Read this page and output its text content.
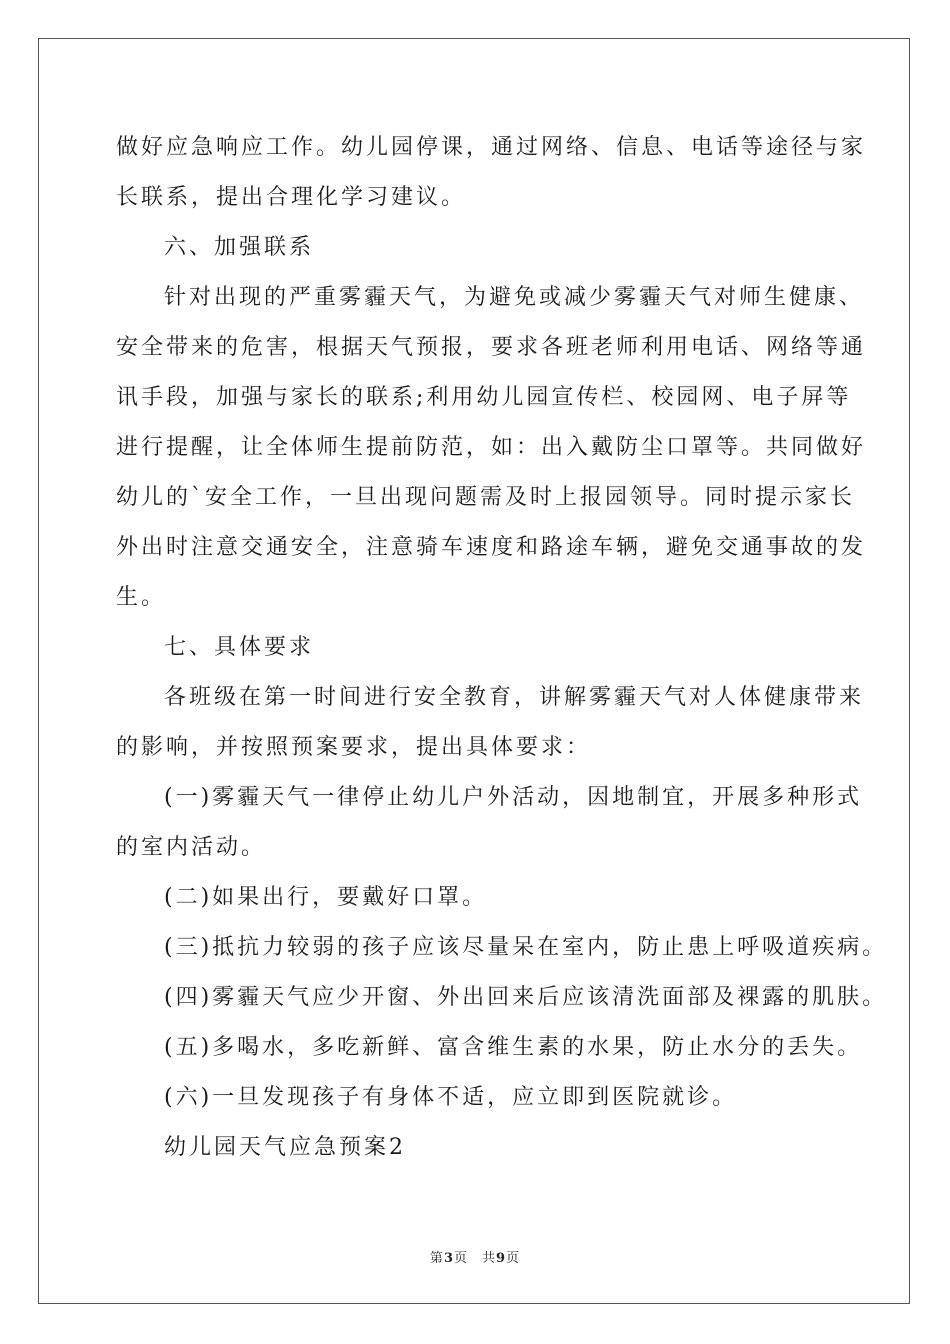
做好应急响应工作。幼儿园停课，通过网络、信息、电话等途径与家
长联系，提出合理化学习建议。
六、加强联系
针对出现的严重雾霾天气，为避免或减少雾霾天气对师生健康、
安全带来的危害，根据天气预报，要求各班老师利用电话、网络等通
讯手段，加强与家长的联系;利用幼儿园宣传栏、校园网、电子屏等
进行提醒，让全体师生提前防范，如：出入戴防尘口罩等。共同做好
幼儿的`安全工作，一旦出现问题需及时上报园领导。同时提示家长
外出时注意交通安全，注意骑车速度和路途车辆，避免交通事故的发
生。
七、具体要求
各班级在第一时间进行安全教育，讲解雾霾天气对人体健康带来
的影响，并按照预案要求，提出具体要求：
(一)雾霾天气一律停止幼儿户外活动，因地制宜，开展多种形式
的室内活动。
(二)如果出行，要戴好口罩。
(三)抵抗力较弱的孩子应该尽量呆在室内，防止患上呼吸道疾病。
(四)雾霾天气应少开窗、外出回来后应该清洗面部及裸露的肌肤。
(五)多喝水，多吃新鲜、富含维生素的水果，防止水分的丢失。
(六)一旦发现孩子有身体不适，应立即到医院就诊。
幼儿园天气应急预案2
第3页　共9页
